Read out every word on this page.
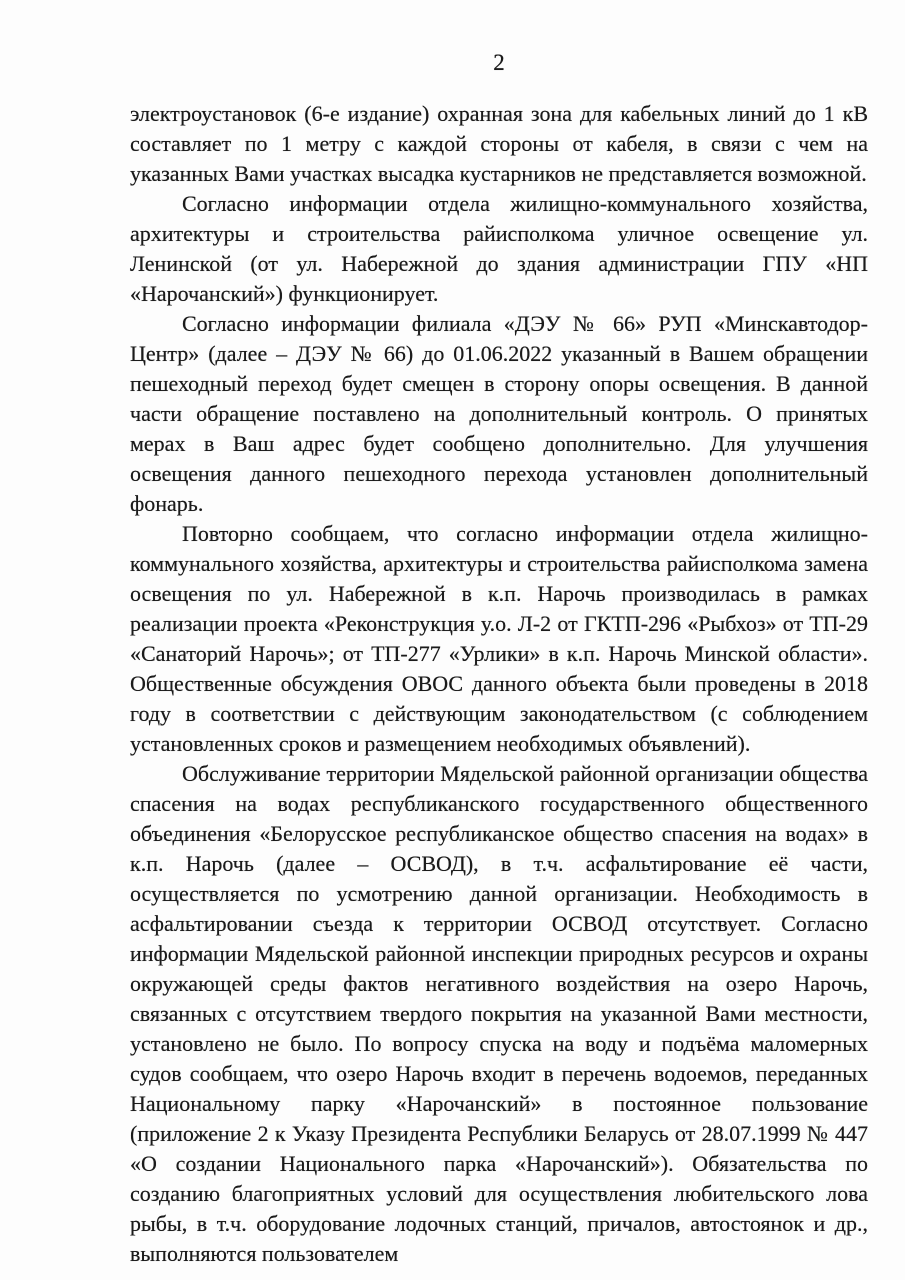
2

электроустановок (6-е издание) охранная зона для кабельных линий до 1 кВ составляет по 1 метру с каждой стороны от кабеля, в связи с чем на указанных Вами участках высадка кустарников не представляется возможной.

Согласно информации отдела жилищно-коммунального хозяйства, архитектуры и строительства райисполкома уличное освещение ул. Ленинской (от ул. Набережной до здания администрации ГПУ «НП «Нарочанский») функционирует.

Согласно информации филиала «ДЭУ № 66» РУП «Минскавтодор-Центр» (далее – ДЭУ № 66) до 01.06.2022 указанный в Вашем обращении пешеходный переход будет смещен в сторону опоры освещения. В данной части обращение поставлено на дополнительный контроль. О принятых мерах в Ваш адрес будет сообщено дополнительно. Для улучшения освещения данного пешеходного перехода установлен дополнительный фонарь.

Повторно сообщаем, что согласно информации отдела жилищно-коммунального хозяйства, архитектуры и строительства райисполкома замена освещения по ул. Набережной в к.п. Нарочь производилась в рамках реализации проекта «Реконструкция у.о. Л-2 от ГКТП-296 «Рыбхоз» от ТП-29 «Санаторий Нарочь»; от ТП-277 «Урлики» в к.п. Нарочь Минской области». Общественные обсуждения ОВОС данного объекта были проведены в 2018 году в соответствии с действующим законодательством (с соблюдением установленных сроков и размещением необходимых объявлений).

Обслуживание территории Мядельской районной организации общества спасения на водах республиканского государственного общественного объединения «Белорусское республиканское общество спасения на водах» в к.п. Нарочь (далее – ОСВОД), в т.ч. асфальтирование её части, осуществляется по усмотрению данной организации. Необходимость в асфальтировании съезда к территории ОСВОД отсутствует. Согласно информации Мядельской районной инспекции природных ресурсов и охраны окружающей среды фактов негативного воздействия на озеро Нарочь, связанных с отсутствием твердого покрытия на указанной Вами местности, установлено не было. По вопросу спуска на воду и подъёма маломерных судов сообщаем, что озеро Нарочь входит в перечень водоемов, переданных Национальному парку «Нарочанский» в постоянное пользование (приложение 2 к Указу Президента Республики Беларусь от 28.07.1999 № 447 «О создании Национального парка «Нарочанский»). Обязательства по созданию благоприятных условий для осуществления любительского лова рыбы, в т.ч. оборудование лодочных станций, причалов, автостоянок и др., выполняются пользователем
